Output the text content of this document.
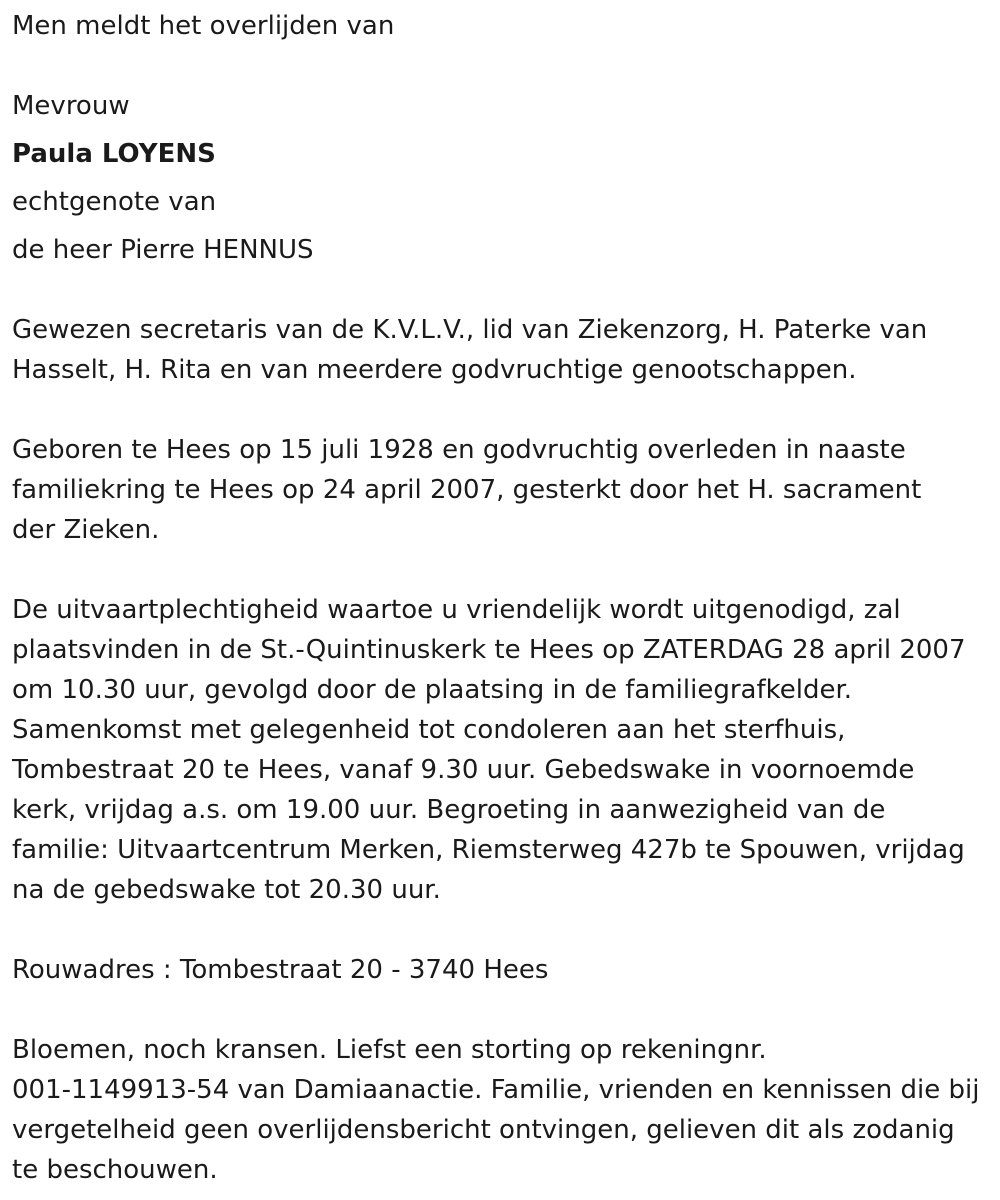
Men meldt het overlijden van
Mevrouw
Paula LOYENS
echtgenote van
de heer Pierre HENNUS
Gewezen secretaris van de K.V.L.V., lid van Ziekenzorg, H. Paterke van
Hasselt, H. Rita en van meerdere godvruchtige genootschappen.
Geboren te Hees op 15 juli 1928 en godvruchtig overleden in naaste
familiekring te Hees op 24 april 2007, gesterkt door het H. sacrament
der Zieken.
De uitvaartplechtigheid waartoe u vriendelijk wordt uitgenodigd, zal
plaatsvinden in de St.-Quintinuskerk te Hees op ZATERDAG 28 april 2007
om 10.30 uur, gevolgd door de plaatsing in de familiegrafkelder.
Samenkomst met gelegenheid tot condoleren aan het sterfhuis,
Tombestraat 20 te Hees, vanaf 9.30 uur. Gebedswake in voornoemde
kerk, vrijdag a.s. om 19.00 uur. Begroeting in aanwezigheid van de
familie: Uitvaartcentrum Merken, Riemsterweg 427b te Spouwen, vrijdag
na de gebedswake tot 20.30 uur.
Rouwadres : Tombestraat 20 - 3740 Hees
Bloemen, noch kransen. Liefst een storting op rekeningnr.
001-1149913-54 van Damiaanactie. Familie, vrienden en kennissen die bij
vergetelheid geen overlijdensbericht ontvingen, gelieven dit als zodanig
te beschouwen.
